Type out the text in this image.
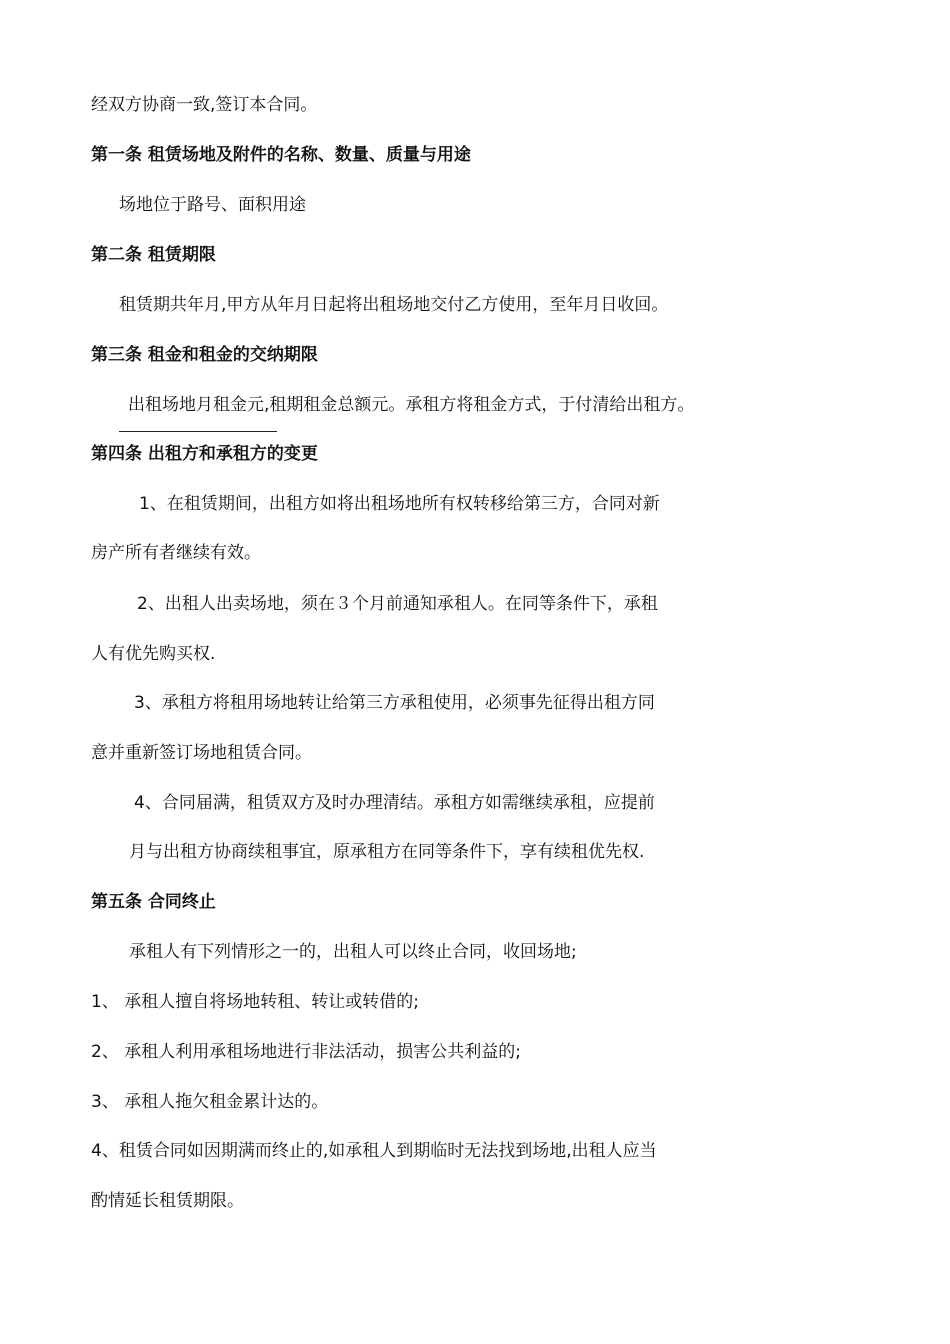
经双方协商一致,签订本合同。
第一条 租赁场地及附件的名称、数量、质量与用途
场地位于路号、面积用途
第二条 租赁期限
租赁期共年月,甲方从年月日起将出租场地交付乙方使用，至年月日收回。
第三条 租金和租金的交纳期限
出租场地月租金元,租期租金总额元。承租方将租金方式，于付清给出租方。
第四条 出租方和承租方的变更
1、在租赁期间，出租方如将出租场地所有权转移给第三方，合同对新
房产所有者继续有效。
2、出租人出卖场地，须在３个月前通知承租人。在同等条件下，承租
人有优先购买权.
3、承租方将租用场地转让给第三方承租使用，必须事先征得出租方同
意并重新签订场地租赁合同。
4、合同届满，租赁双方及时办理清结。承租方如需继续承租，应提前
月与出租方协商续租事宜，原承租方在同等条件下，享有续租优先权.
第五条 合同终止
承租人有下列情形之一的，出租人可以终止合同，收回场地;
1、 承租人擅自将场地转租、转让或转借的;
2、 承租人利用承租场地进行非法活动，损害公共利益的;
3、 承租人拖欠租金累计达的。
4、租赁合同如因期满而终止的,如承租人到期临时无法找到场地,出租人应当
酌情延长租赁期限。
